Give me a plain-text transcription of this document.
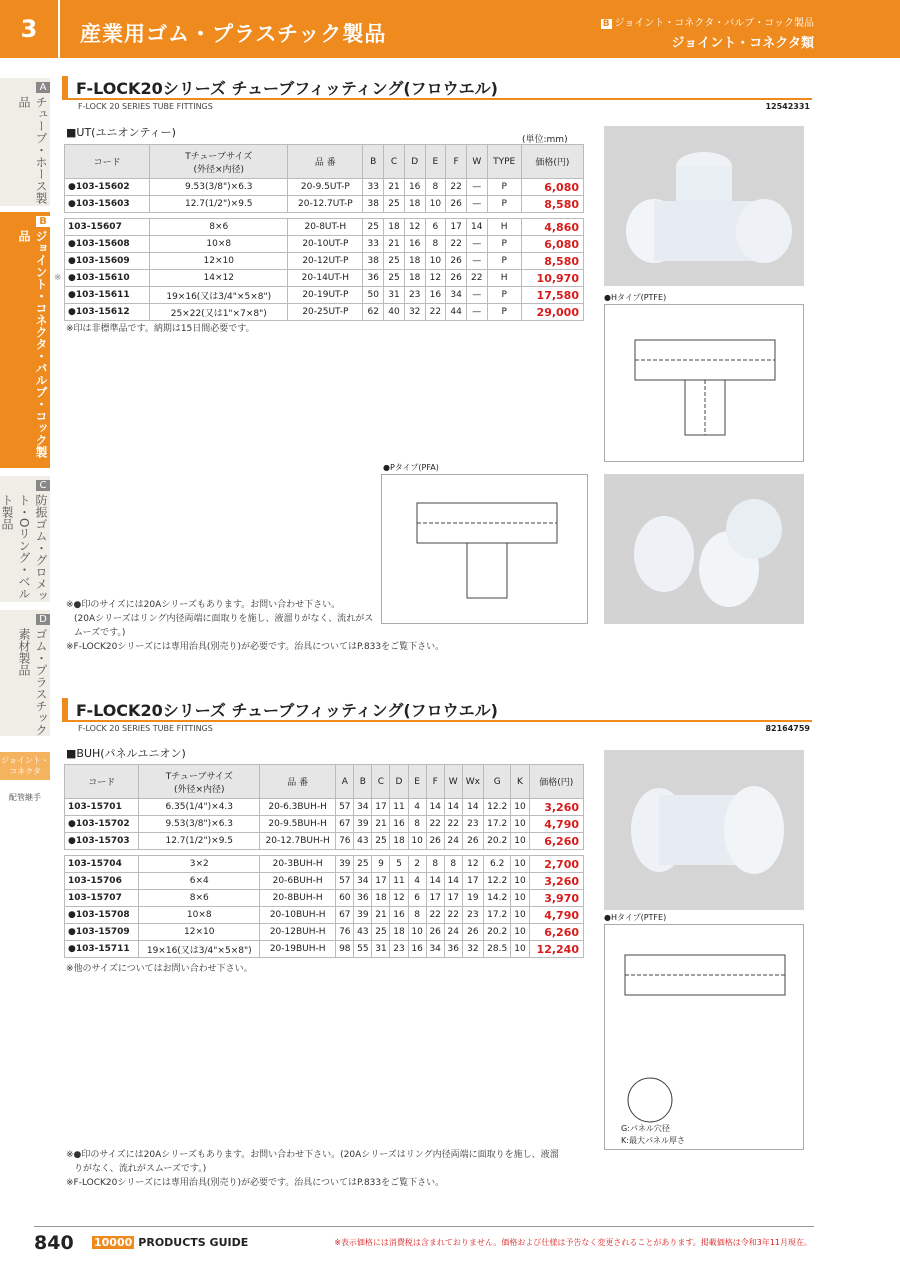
3	産業用ゴム・プラスチック製品	B ジョイント・コネクタ・バルブ・コック製品
ジョイント・コネクタ類
A
チューブ・ホース製品
B
ジョイント・コネクタ・バルブ・コック製品
C
防振ゴム・グロメット・Oリング・ベルト製品
D
ゴム・プラスチック素材製品
ジョイント・コネクタ
配管継手
F-LOCK20シリーズ チューブフィッティング(フロウエル)
F-LOCK 20 SERIES TUBE FITTINGS	12542331
■UT(ユニオンティー)
(単位:mm)
※
コード	Tチューブサイズ
(外径×内径)	品 番	B	C	D	E	F	W	TYPE	価格(円)
●103-15602	9.53(3/8")×6.3	20-9.5UT-P	33	21	16	8	22	—	P	6,080
●103-15603	12.7(1/2")×9.5	20-12.7UT-P	38	25	18	10	26	—	P	8,580

103-15607	8×6	20-8UT-H	25	18	12	6	17	14	H	4,860
●103-15608	10×8	20-10UT-P	33	21	16	8	22	—	P	6,080
●103-15609	12×10	20-12UT-P	38	25	18	10	26	—	P	8,580
●103-15610	14×12	20-14UT-H	36	25	18	12	26	22	H	10,970
●103-15611	19×16(又は3/4"×5×8")	20-19UT-P	50	31	23	16	34	—	P	17,580
●103-15612	25×22(又は1"×7×8")	20-25UT-P	62	40	32	22	44	—	P	29,000
※印は非標準品です。納期は15日間必要です。
●Hタイプ(PTFE)
●Pタイプ(PFA)
※●印のサイズには20Aシリーズもあります。お問い合わせ下さい。
(20Aシリーズはリング内径両端に面取りを施し、液溜りがなく、流れがスムーズです。)
※F-LOCK20シリーズには専用治具(別売り)が必要です。治具についてはP.833をご覧下さい。
F-LOCK20シリーズ チューブフィッティング(フロウエル)
F-LOCK 20 SERIES TUBE FITTINGS	82164759
■BUH(パネルユニオン)
コード	Tチューブサイズ
(外径×内径)	品 番	A	B	C	D	E	F	W	Wx	G	K	価格(円)
103-15701	6.35(1/4")×4.3	20-6.3BUH-H	57	34	17	11	4	14	14	14	12.2	10	3,260
●103-15702	9.53(3/8")×6.3	20-9.5BUH-H	67	39	21	16	8	22	22	23	17.2	10	4,790
●103-15703	12.7(1/2")×9.5	20-12.7BUH-H	76	43	25	18	10	26	24	26	20.2	10	6,260

103-15704	3×2	20-3BUH-H	39	25	9	5	2	8	8	12	6.2	10	2,700
103-15706	6×4	20-6BUH-H	57	34	17	11	4	14	14	17	12.2	10	3,260
103-15707	8×6	20-8BUH-H	60	36	18	12	6	17	17	19	14.2	10	3,970
●103-15708	10×8	20-10BUH-H	67	39	21	16	8	22	22	23	17.2	10	4,790
●103-15709	12×10	20-12BUH-H	76	43	25	18	10	26	24	26	20.2	10	6,260
●103-15711	19×16(又は3/4"×5×8")	20-19BUH-H	98	55	31	23	16	34	36	32	28.5	10	12,240
※他のサイズについてはお問い合わせ下さい。
●Hタイプ(PTFE)
G:パネル穴径
K:最大パネル厚さ
※●印のサイズには20Aシリーズもあります。お問い合わせ下さい。(20Aシリーズはリング内径両端に面取りを施し、液溜
りがなく、流れがスムーズです。)
※F-LOCK20シリーズには専用治具(別売り)が必要です。治具についてはP.833をご覧下さい。
840 10000 PRODUCTS GUIDE	※表示価格には消費税は含まれておりません。価格および仕様は予告なく変更されることがあります。掲載価格は令和3年11月現在。
